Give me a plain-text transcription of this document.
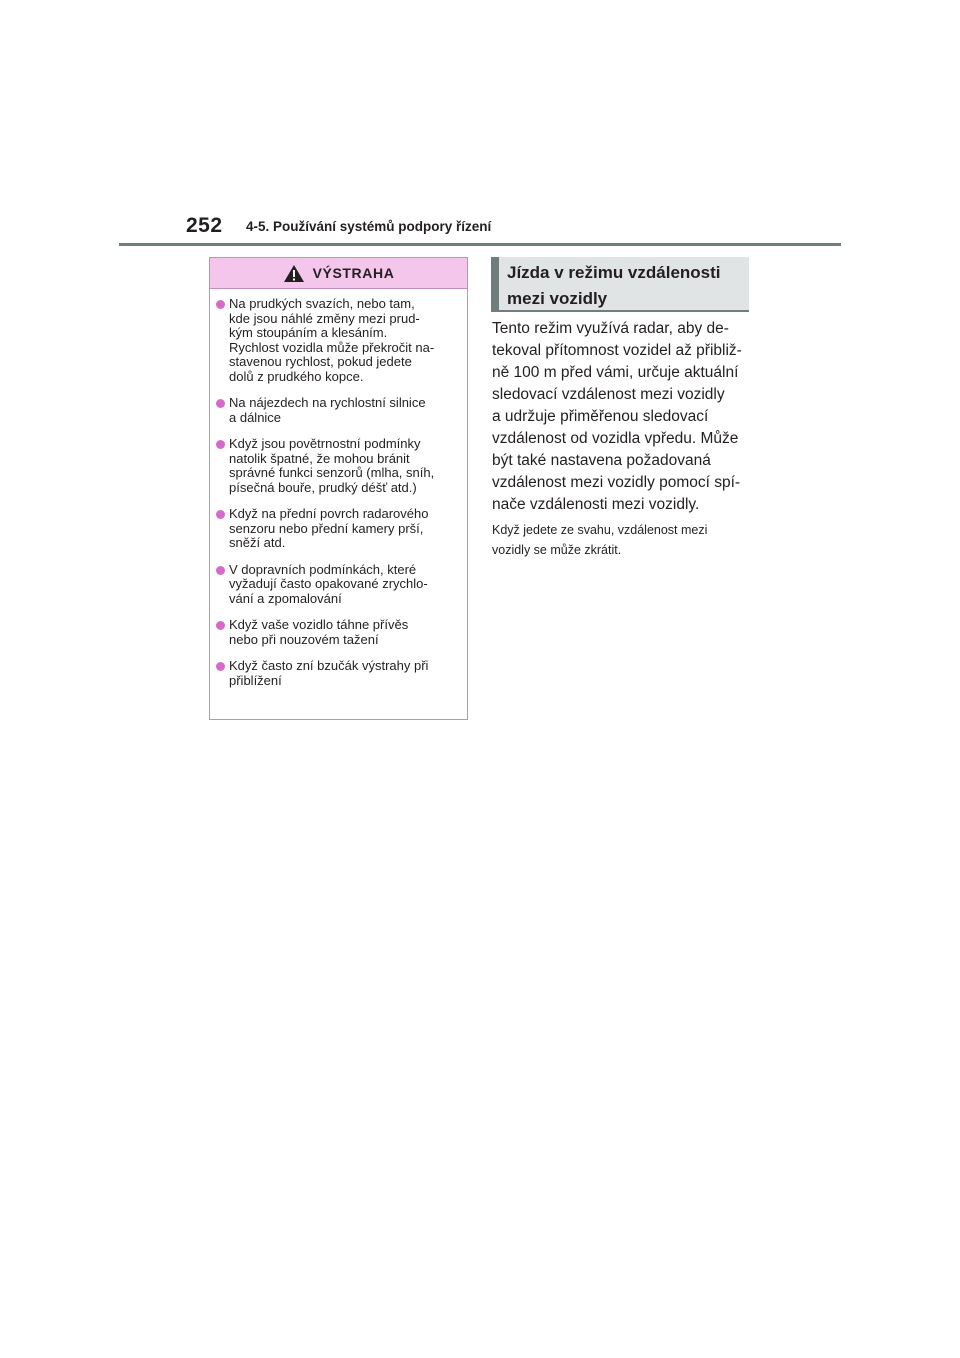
252 4-5. Používání systémů podpory řízení
VÝSTRAHA
Na prudkých svazích, nebo tam,
kde jsou náhlé změny mezi prud-
kým stoupáním a klesáním.
Rychlost vozidla může překročit na-
stavenou rychlost, pokud jedete
dolů z prudkého kopce.
Na nájezdech na rychlostní silnice
a dálnice
Když jsou povětrnostní podmínky
natolik špatné, že mohou bránit
správné funkci senzorů (mlha, sníh,
písečná bouře, prudký déšť atd.)
Když na přední povrch radarového
senzoru nebo přední kamery prší,
sněží atd.
V dopravních podmínkách, které
vyžadují často opakované zrychlo-
vání a zpomalování
Když vaše vozidlo táhne přívěs
nebo při nouzovém tažení
Když často zní bzučák výstrahy při
přiblížení
Jízda v režimu vzdálenosti
mezi vozidly

Tento režim využívá radar, aby de-
tekoval přítomnost vozidel až přibliž-
ně 100 m před vámi, určuje aktuální
sledovací vzdálenost mezi vozidly
a udržuje přiměřenou sledovací
vzdálenost od vozidla vpředu. Může
být také nastavena požadovaná
vzdálenost mezi vozidly pomocí spí-
nače vzdálenosti mezi vozidly.

Když jedete ze svahu, vzdálenost mezi
vozidly se může zkrátit.
